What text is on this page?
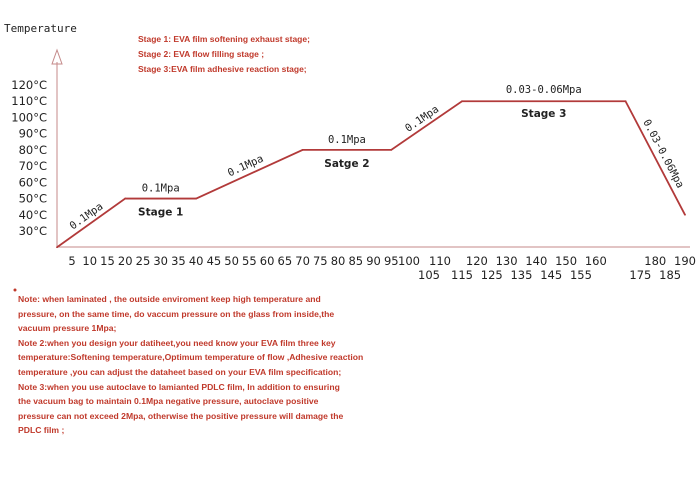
Temperature
Stage 1: EVA film softening exhaust stage;
Stage 2: EVA flow filling stage ;
Stage 3:EVA film adhesive reaction stage;
30°C
40°C
50°C
60°C
70°C
80°C
90°C
100°C
110°C
120°C
5 10 15 20 25 30 35 40 45 50 55 60 65 70 75 80 85 90 95 100 110 120 130 140 150 160	180 190
105 115 125 135 145 155	175 185
0.1Mpa
0.1Mpa
0.1Mpa
0.1Mpa
0.1Mpa
0.03-0.06Mpa
0.03-0.06Mpa
Stage 1
Satge 2
Stage 3
Note: when laminated , the outside enviroment keep high temperature and
pressure, on the same time, do vaccum pressure on the glass from inside,the
vacuum pressure 1Mpa;
Note 2:when you design your datiheet,you need know your EVA film three key
temperature:Softening temperature,Optimum temperature of flow ,Adhesive reaction
temperature ,you can adjust the dataheet based on your EVA film specification;
Note 3:when you use autoclave to lamianted PDLC film, In addition to ensuring
the vacuum bag to maintain 0.1Mpa negative pressure, autoclave positive
pressure can not exceed 2Mpa, otherwise the positive pressure will damage the
PDLC film ;
